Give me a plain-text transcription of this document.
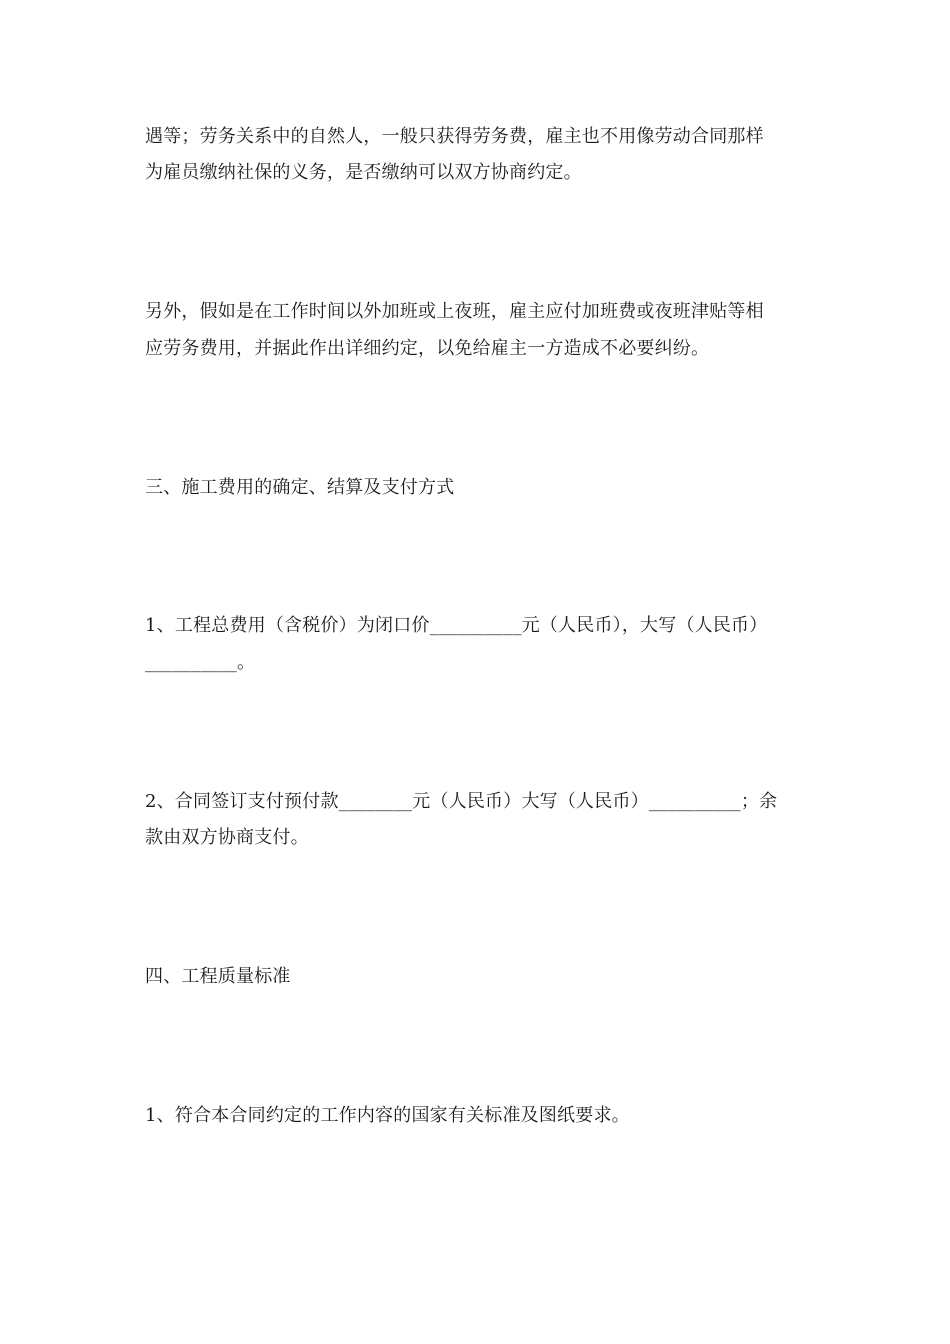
遇等；劳务关系中的自然人，一般只获得劳务费，雇主也不用像劳动合同那样
为雇员缴纳社保的义务，是否缴纳可以双方协商约定。
另外，假如是在工作时间以外加班或上夜班，雇主应付加班费或夜班津贴等相
应劳务费用，并据此作出详细约定，以免给雇主一方造成不必要纠纷。
三、施工费用的确定、结算及支付方式
1、工程总费用（含税价）为闭口价__________元（人民币），大写（人民币）
__________。
2、合同签订支付预付款________元（人民币）大写（人民币）__________；余
款由双方协商支付。
四、工程质量标准
1、符合本合同约定的工作内容的国家有关标准及图纸要求。
